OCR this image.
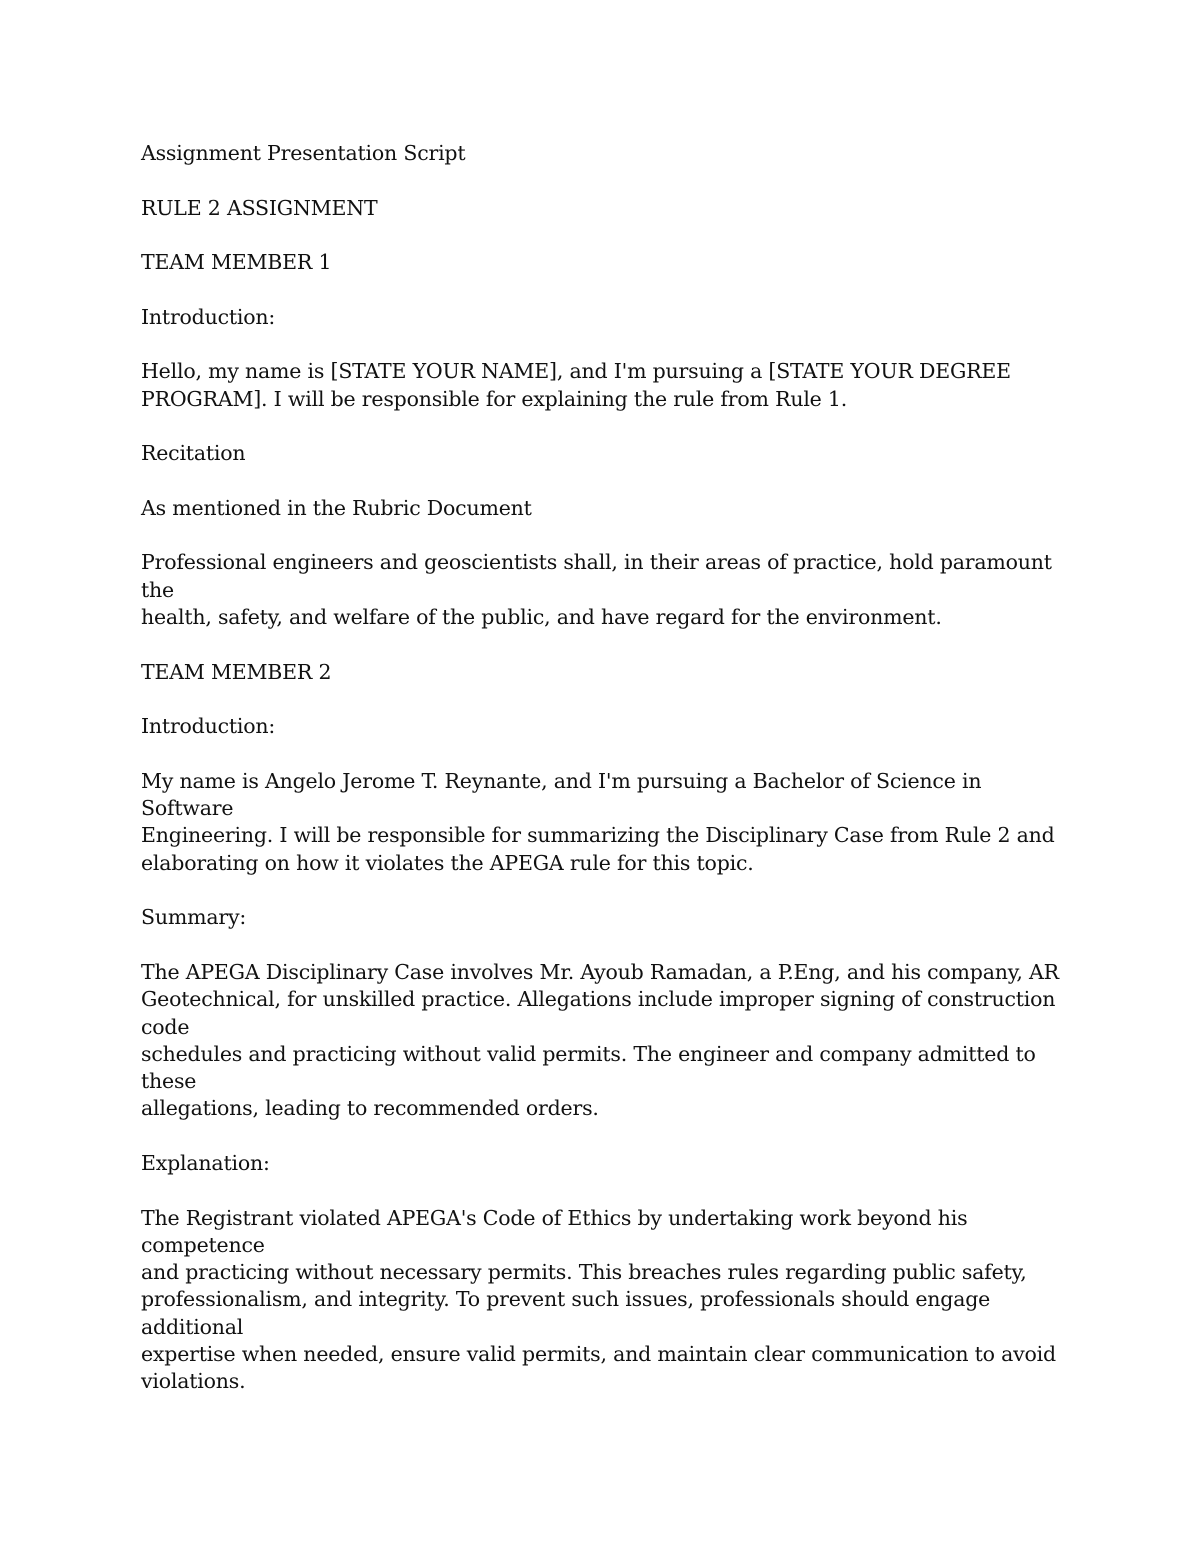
Assignment Presentation Script

RULE 2 ASSIGNMENT

TEAM MEMBER 1

Introduction:

Hello, my name is [STATE YOUR NAME], and I'm pursuing a [STATE YOUR DEGREE
PROGRAM]. I will be responsible for explaining the rule from Rule 1.

Recitation

As mentioned in the Rubric Document

Professional engineers and geoscientists shall, in their areas of practice, hold paramount the
health, safety, and welfare of the public, and have regard for the environment.

TEAM MEMBER 2

Introduction:

My name is Angelo Jerome T. Reynante, and I'm pursuing a Bachelor of Science in Software
Engineering. I will be responsible for summarizing the Disciplinary Case from Rule 2 and
elaborating on how it violates the APEGA rule for this topic.

Summary:

The APEGA Disciplinary Case involves Mr. Ayoub Ramadan, a P.Eng, and his company, AR
Geotechnical, for unskilled practice. Allegations include improper signing of construction code
schedules and practicing without valid permits. The engineer and company admitted to these
allegations, leading to recommended orders.

Explanation:

The Registrant violated APEGA's Code of Ethics by undertaking work beyond his competence
and practicing without necessary permits. This breaches rules regarding public safety,
professionalism, and integrity. To prevent such issues, professionals should engage additional
expertise when needed, ensure valid permits, and maintain clear communication to avoid
violations.
